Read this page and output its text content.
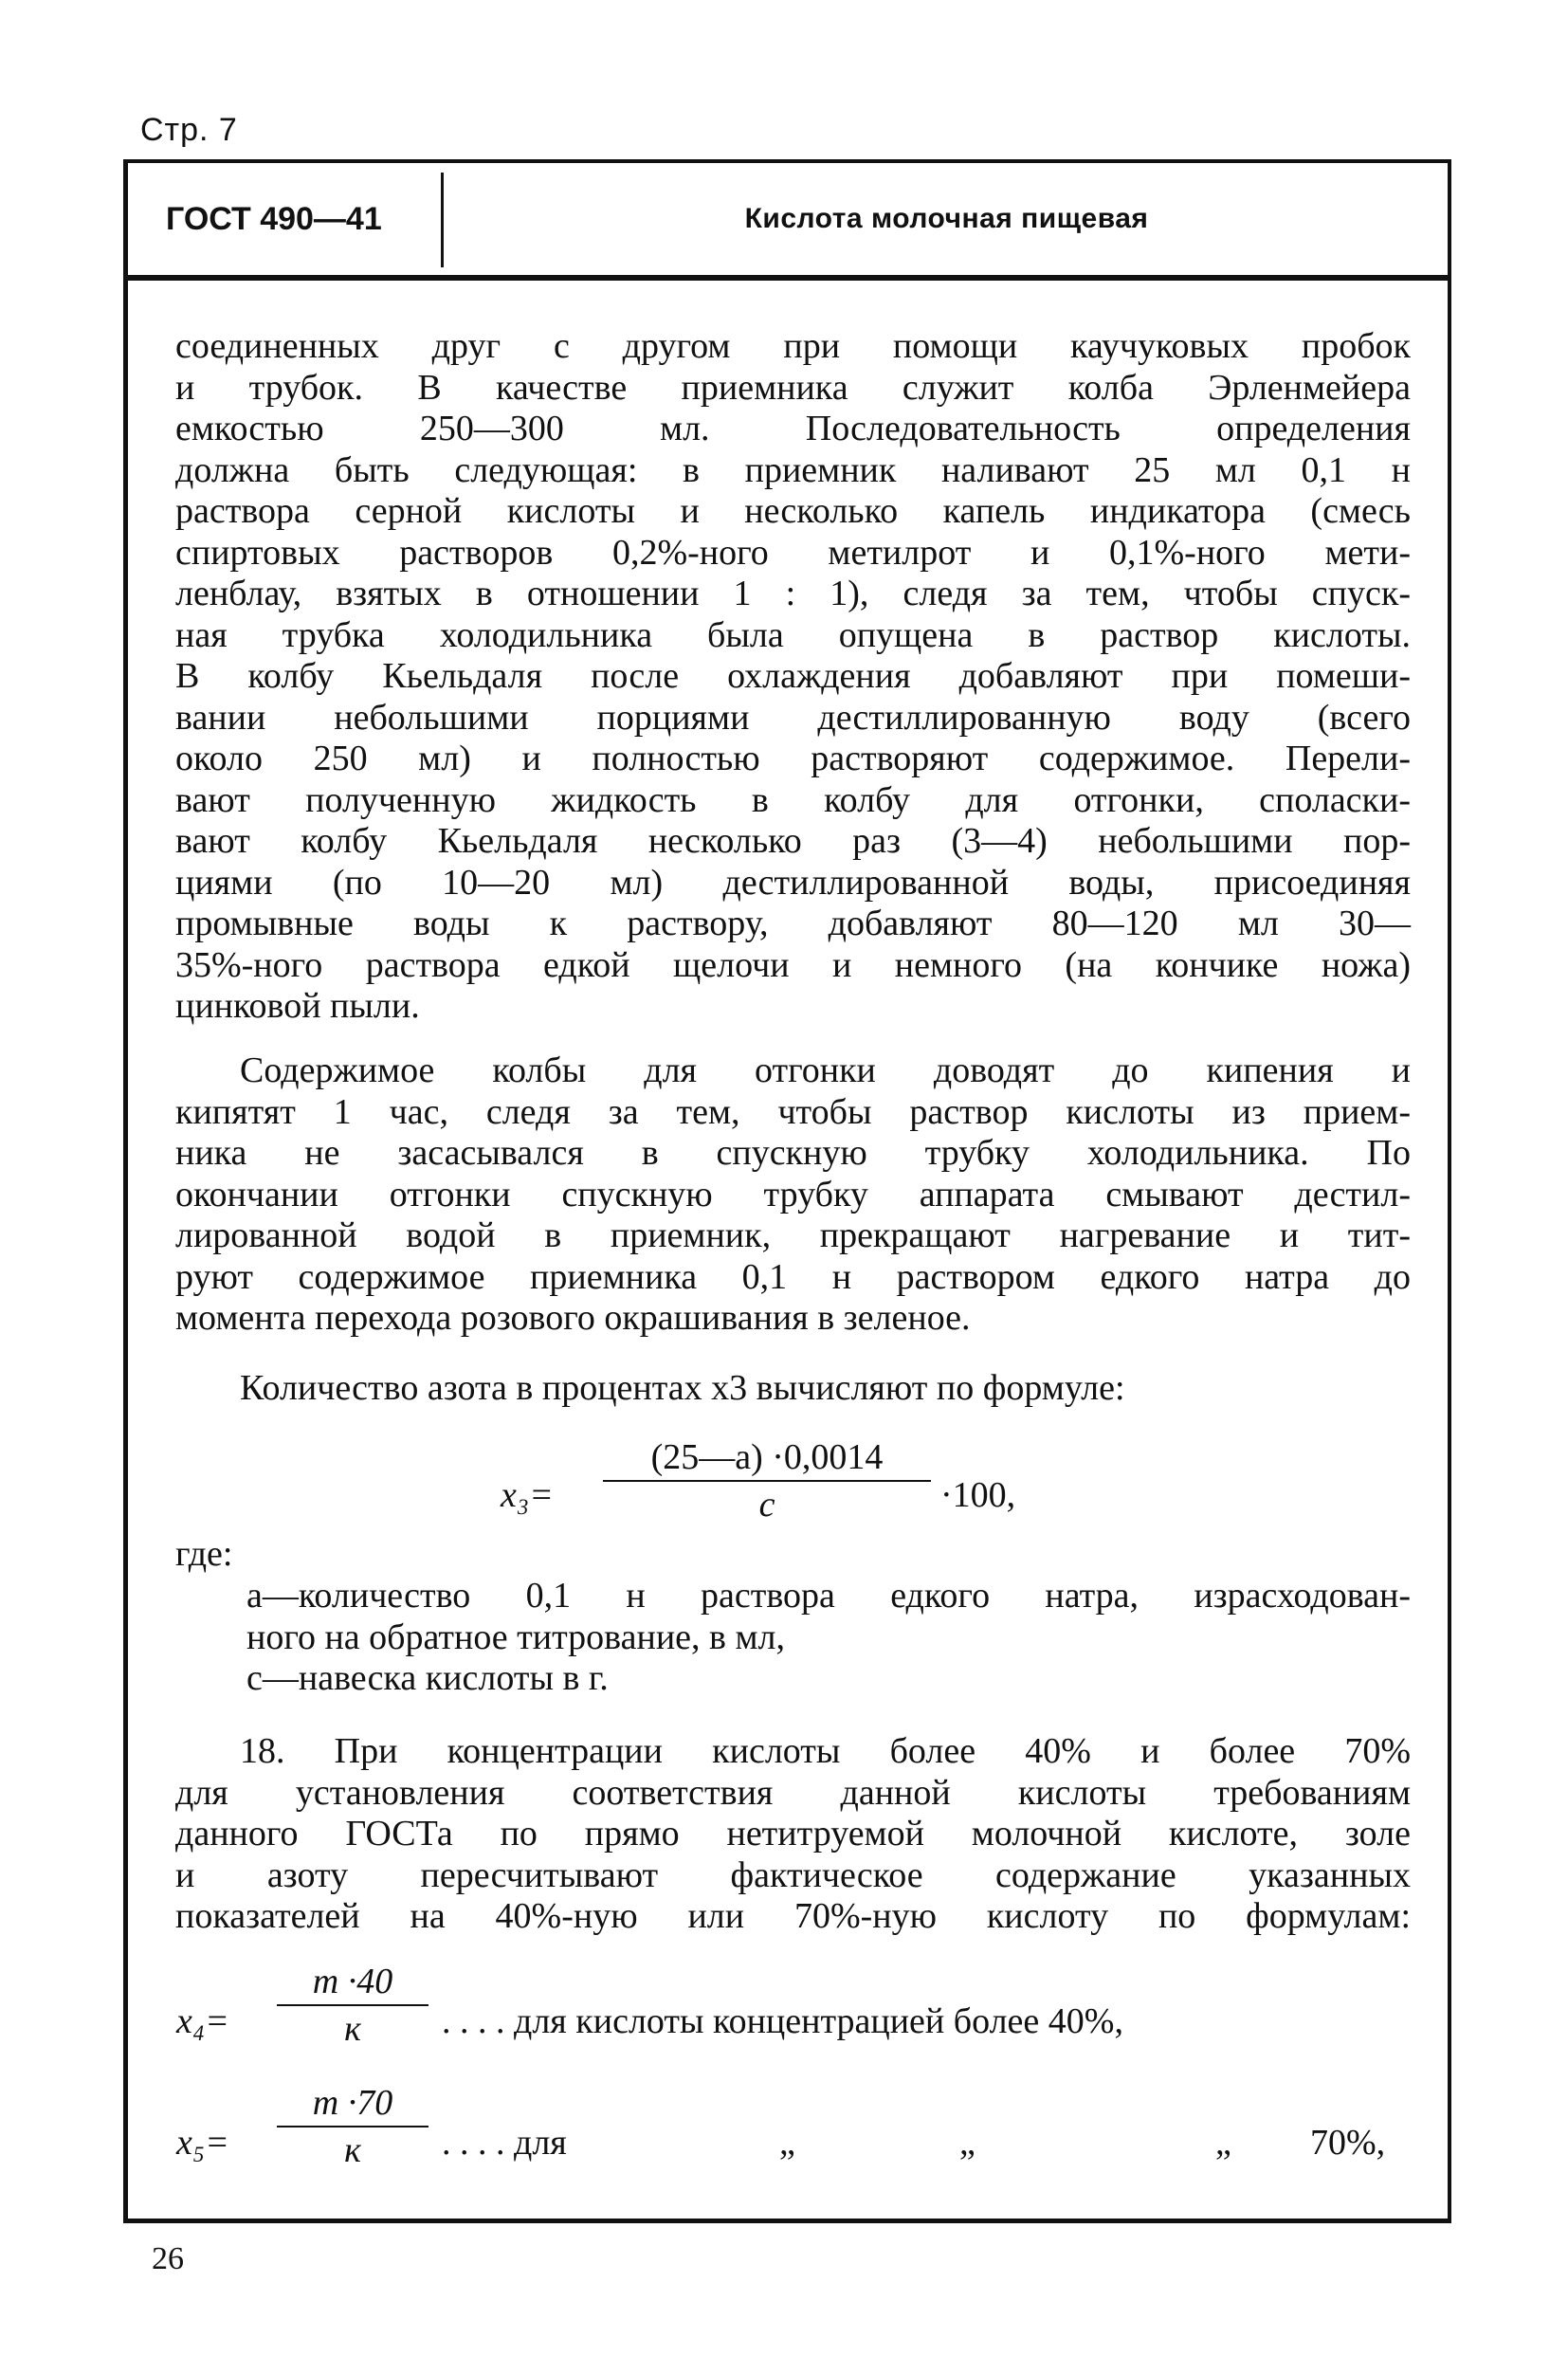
Стр. 7
ГОСТ 490—41	Кислота молочная пищевая

соединенных друг с другом при помощи каучуковых пробок

и трубок. В качестве приемника служит колба Эрленмейера

емкостью 250—300 мл. Последовательность определения

должна быть следующая: в приемник наливают 25 мл 0,1 н

раствора серной кислоты и несколько капель индикатора (смесь

спиртовых растворов 0,2%-ного метилрот и 0,1%-ного мети-

ленблау, взятых в отношении 1 : 1), следя за тем, чтобы спуск-

ная трубка холодильника была опущена в раствор кислоты.

В колбу Кьельдаля после охлаждения добавляют при помеши-

вании небольшими порциями дестиллированную воду (всего

около 250 мл) и полностью растворяют содержимое. Перели-

вают полученную жидкость в колбу для отгонки, споласки-

вают колбу Кьельдаля несколько раз (3—4) небольшими пор-

циями (по 10—20 мл) дестиллированной воды, присоединяя

промывные воды к раствору, добавляют 80—120 мл 30—

35%-ного раствора едкой щелочи и немного (на кончике ножа)

цинковой пыли.

Содержимое колбы для отгонки доводят до кипения и

кипятят 1 час, следя за тем, чтобы раствор кислоты из прием-

ника не засасывался в спускную трубку холодильника. По

окончании отгонки спускную трубку аппарата смывают дестил-

лированной водой в приемник, прекращают нагревание и тит-

руют содержимое приемника 0,1 н раствором едкого натра до

момента перехода розового окрашивания в зеленое.

Количество азота в процентах x3 вычисляют по формуле:

x₃=
(25—a) ·0,0014
c	·100,
где:

a—количество 0,1 н раствора едкого натра, израсходован-

ного на обратное титрование, в мл,

c—навеска кислоты в г.

18. При концентрации кислоты более 40% и более 70%

для установления соответствия данной кислоты требованиям

данного ГОСТа по прямо нетитруемой молочной кислоте, золе

и азоту пересчитывают фактическое содержание указанных

показателей на 40%-ную или 70%-ную кислоту по формулам:

x₄=
m ·40
к	. . . . для кислоты концентрацией более 40%,
x₅=
m ·70
к	. . . . для	„	„	„ 70%,
26
